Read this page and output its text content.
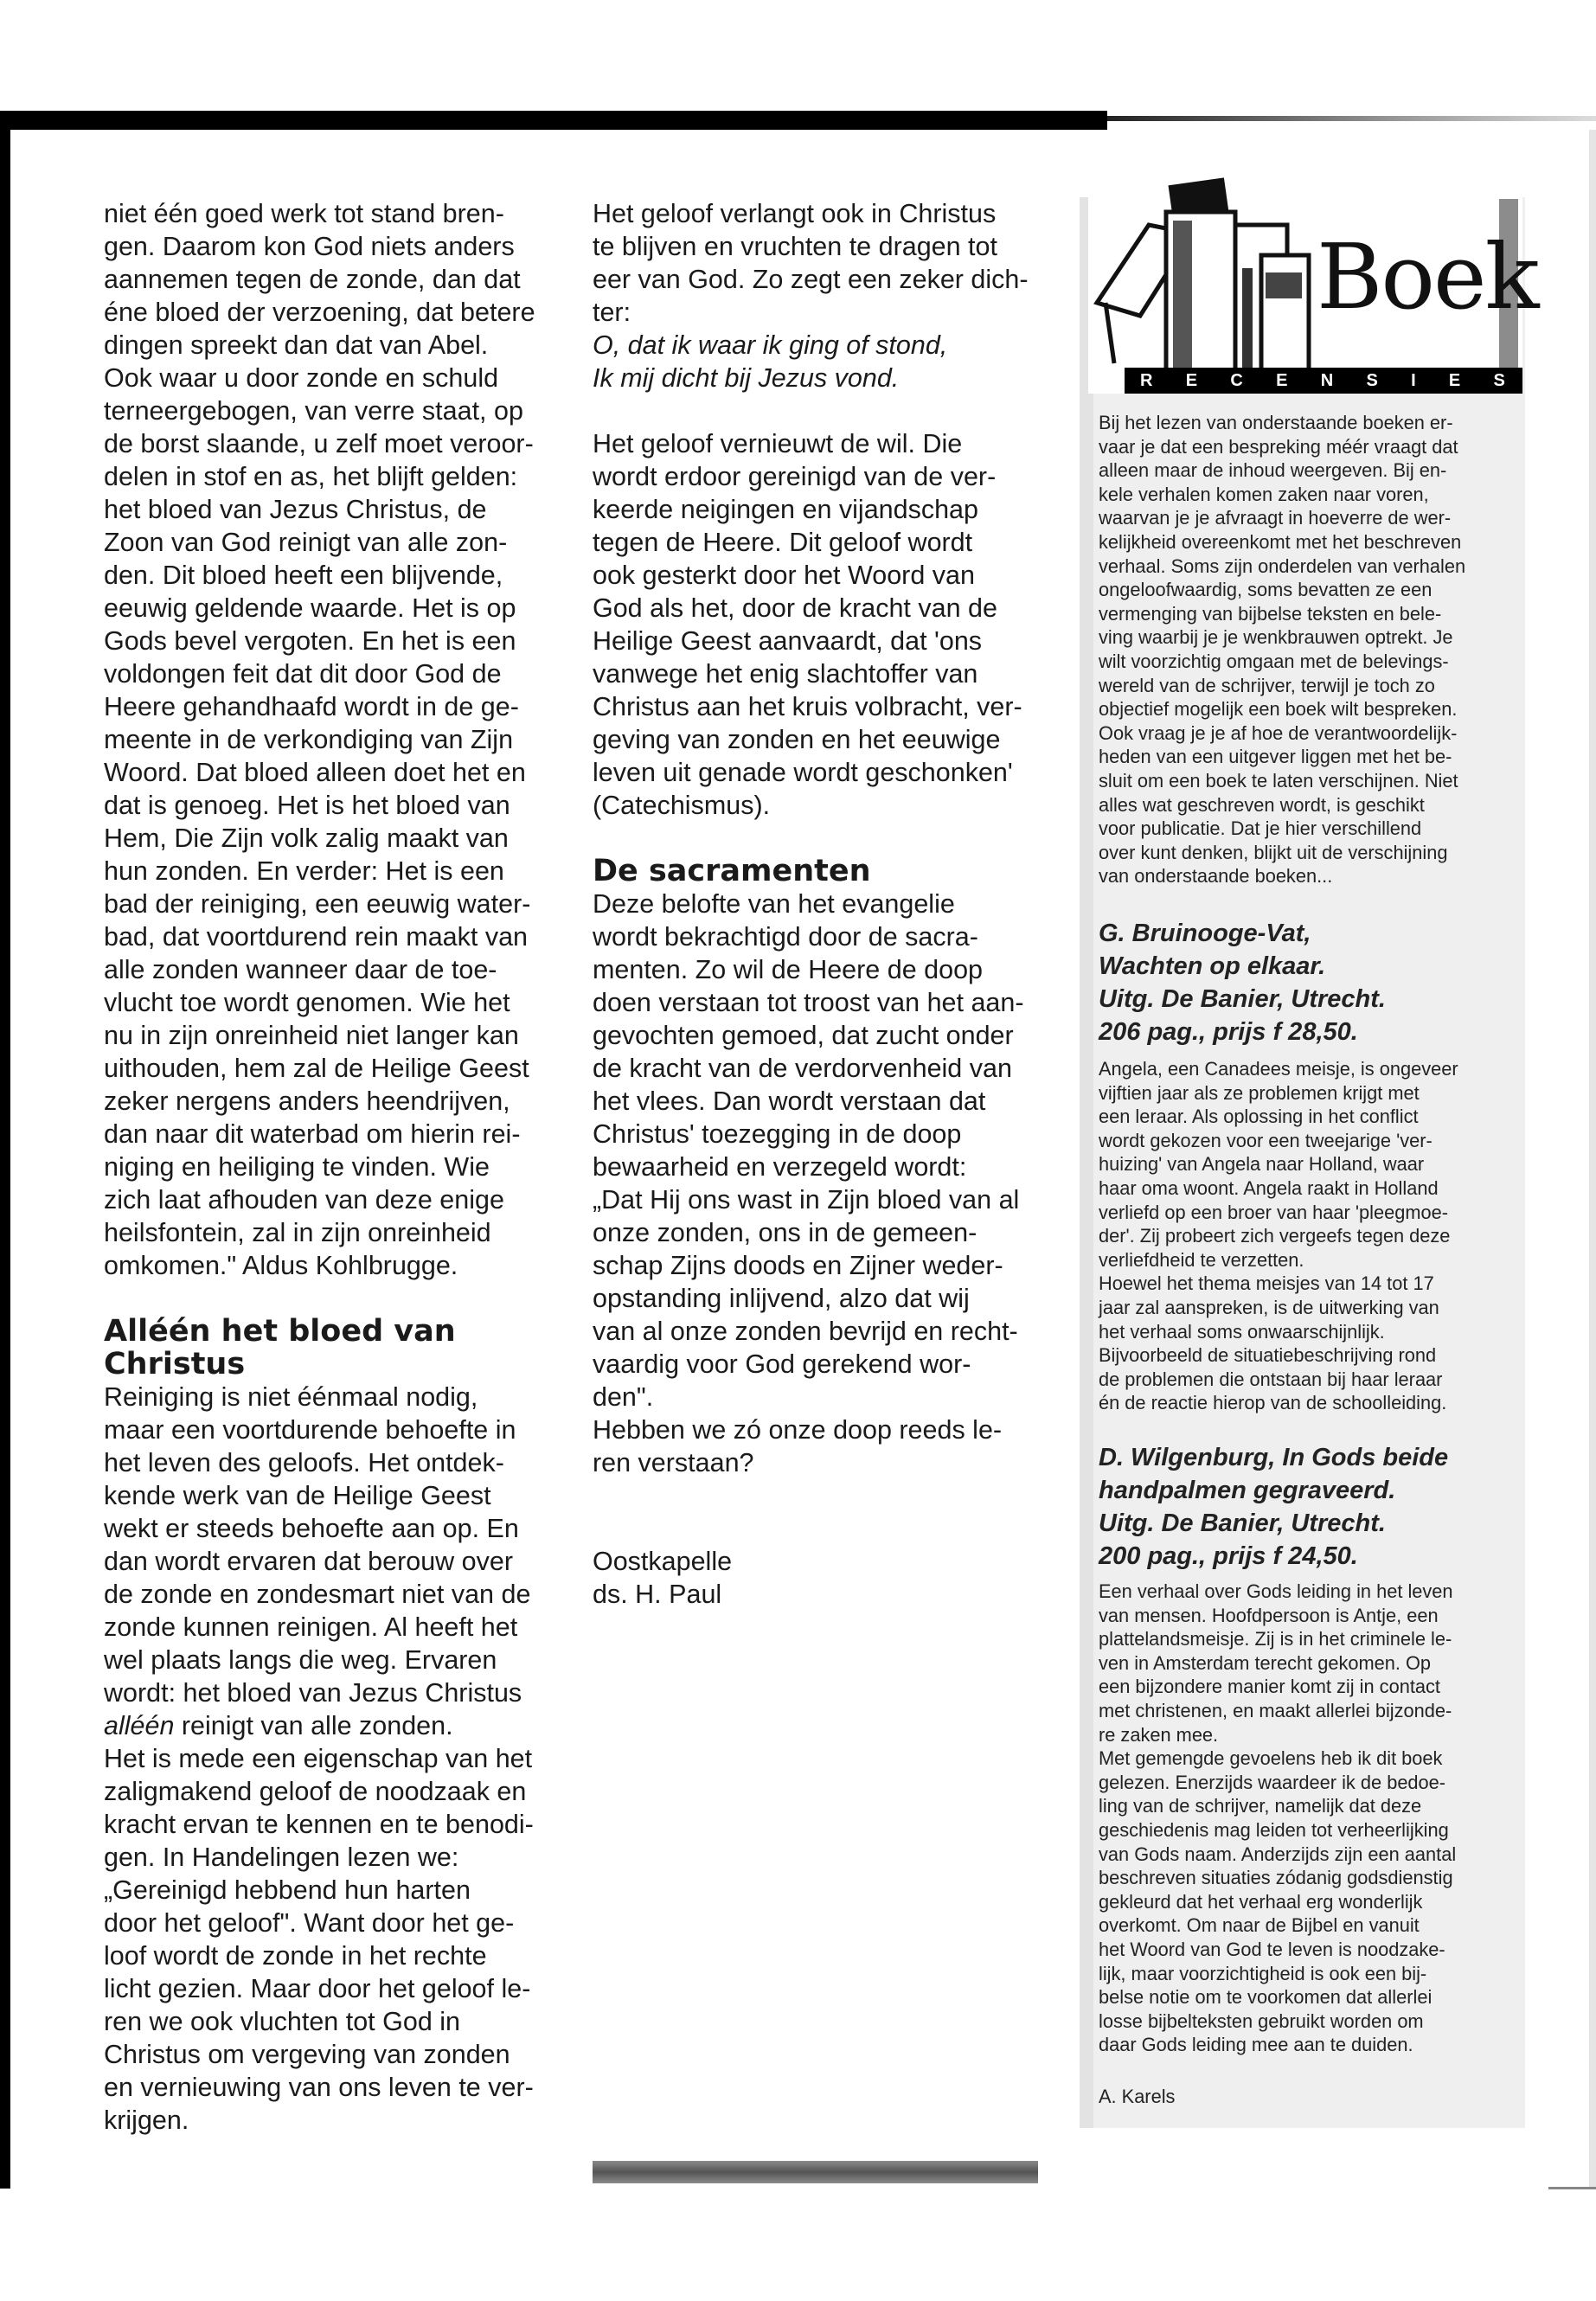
niet één goed werk tot stand bren-
gen. Daarom kon God niets anders
aannemen tegen de zonde, dan dat
éne bloed der verzoening, dat betere
dingen spreekt dan dat van Abel.
Ook waar u door zonde en schuld
terneergebogen, van verre staat, op
de borst slaande, u zelf moet veroor-
delen in stof en as, het blijft gelden:
het bloed van Jezus Christus, de
Zoon van God reinigt van alle zon-
den. Dit bloed heeft een blijvende,
eeuwig geldende waarde. Het is op
Gods bevel vergoten. En het is een
voldongen feit dat dit door God de
Heere gehandhaafd wordt in de ge-
meente in de verkondiging van Zijn
Woord. Dat bloed alleen doet het en
dat is genoeg. Het is het bloed van
Hem, Die Zijn volk zalig maakt van
hun zonden. En verder: Het is een
bad der reiniging, een eeuwig water-
bad, dat voortdurend rein maakt van
alle zonden wanneer daar de toe-
vlucht toe wordt genomen. Wie het
nu in zijn onreinheid niet langer kan
uithouden, hem zal de Heilige Geest
zeker nergens anders heendrijven,
dan naar dit waterbad om hierin rei-
niging en heiliging te vinden. Wie
zich laat afhouden van deze enige
heilsfontein, zal in zijn onreinheid
omkomen." Aldus Kohlbrugge.
Alléén het bloed van
Christus
Reiniging is niet éénmaal nodig,
maar een voortdurende behoefte in
het leven des geloofs. Het ontdek-
kende werk van de Heilige Geest
wekt er steeds behoefte aan op. En
dan wordt ervaren dat berouw over
de zonde en zondesmart niet van de
zonde kunnen reinigen. Al heeft het
wel plaats langs die weg. Ervaren
wordt: het bloed van Jezus Christus

alléén reinigt van alle zonden.

Het is mede een eigenschap van het
zaligmakend geloof de noodzaak en
kracht ervan te kennen en te benodi-
gen. In Handelingen lezen we:
„Gereinigd hebbend hun harten
door het geloof". Want door het ge-
loof wordt de zonde in het rechte
licht gezien. Maar door het geloof le-
ren we ook vluchten tot God in
Christus om vergeving van zonden
en vernieuwing van ons leven te ver-
krijgen.
Het geloof verlangt ook in Christus
te blijven en vruchten te dragen tot
eer van God. Zo zegt een zeker dich-
ter:
O, dat ik waar ik ging of stond,
Ik mij dicht bij Jezus vond.
Het geloof vernieuwt de wil. Die
wordt erdoor gereinigd van de ver-
keerde neigingen en vijandschap
tegen de Heere. Dit geloof wordt
ook gesterkt door het Woord van
God als het, door de kracht van de
Heilige Geest aanvaardt, dat 'ons
vanwege het enig slachtoffer van
Christus aan het kruis volbracht, ver-
geving van zonden en het eeuwige
leven uit genade wordt geschonken'
(Catechismus).

De sacramenten

Deze belofte van het evangelie
wordt bekrachtigd door de sacra-
menten. Zo wil de Heere de doop
doen verstaan tot troost van het aan-
gevochten gemoed, dat zucht onder
de kracht van de verdorvenheid van
het vlees. Dan wordt verstaan dat
Christus' toezegging in de doop
bewaarheid en verzegeld wordt:
„Dat Hij ons wast in Zijn bloed van al
onze zonden, ons in de gemeen-
schap Zijns doods en Zijner weder-
opstanding inlijvend, alzo dat wij
van al onze zonden bevrijd en recht-
vaardig voor God gerekend wor-
den".
Hebben we zó onze doop reeds le-
ren verstaan?

Oostkapelle

ds. H. Paul

Boek
R E C E N S I E S
Bij het lezen van onderstaande boeken er-
vaar je dat een bespreking méér vraagt dat
alleen maar de inhoud weergeven. Bij en-
kele verhalen komen zaken naar voren,
waarvan je je afvraagt in hoeverre de wer-
kelijkheid overeenkomt met het beschreven
verhaal. Soms zijn onderdelen van verhalen
ongeloofwaardig, soms bevatten ze een
vermenging van bijbelse teksten en bele-
ving waarbij je je wenkbrauwen optrekt. Je
wilt voorzichtig omgaan met de belevings-
wereld van de schrijver, terwijl je toch zo
objectief mogelijk een boek wilt bespreken.
Ook vraag je je af hoe de verantwoordelijk-
heden van een uitgever liggen met het be-
sluit om een boek te laten verschijnen. Niet
alles wat geschreven wordt, is geschikt
voor publicatie. Dat je hier verschillend
over kunt denken, blijkt uit de verschijning
van onderstaande boeken...
G. Bruinooge-Vat,
Wachten op elkaar.
Uitg. De Banier, Utrecht.
206 pag., prijs f 28,50.
Angela, een Canadees meisje, is ongeveer
vijftien jaar als ze problemen krijgt met
een leraar. Als oplossing in het conflict
wordt gekozen voor een tweejarige 'ver-
huizing' van Angela naar Holland, waar
haar oma woont. Angela raakt in Holland
verliefd op een broer van haar 'pleegmoe-
der'. Zij probeert zich vergeefs tegen deze
verliefdheid te verzetten.
Hoewel het thema meisjes van 14 tot 17
jaar zal aanspreken, is de uitwerking van
het verhaal soms onwaarschijnlijk.
Bijvoorbeeld de situatiebeschrijving rond
de problemen die ontstaan bij haar leraar
én de reactie hierop van de schoolleiding.
D. Wilgenburg, In Gods beide
handpalmen gegraveerd.
Uitg. De Banier, Utrecht.
200 pag., prijs f 24,50.
Een verhaal over Gods leiding in het leven
van mensen. Hoofdpersoon is Antje, een
plattelandsmeisje. Zij is in het criminele le-
ven in Amsterdam terecht gekomen. Op
een bijzondere manier komt zij in contact
met christenen, en maakt allerlei bijzonde-
re zaken mee.
Met gemengde gevoelens heb ik dit boek
gelezen. Enerzijds waardeer ik de bedoe-
ling van de schrijver, namelijk dat deze
geschiedenis mag leiden tot verheerlijking
van Gods naam. Anderzijds zijn een aantal
beschreven situaties zódanig godsdienstig
gekleurd dat het verhaal erg wonderlijk
overkomt. Om naar de Bijbel en vanuit
het Woord van God te leven is noodzake-
lijk, maar voorzichtigheid is ook een bij-
belse notie om te voorkomen dat allerlei
losse bijbelteksten gebruikt worden om
daar Gods leiding mee aan te duiden.

A. Karels
